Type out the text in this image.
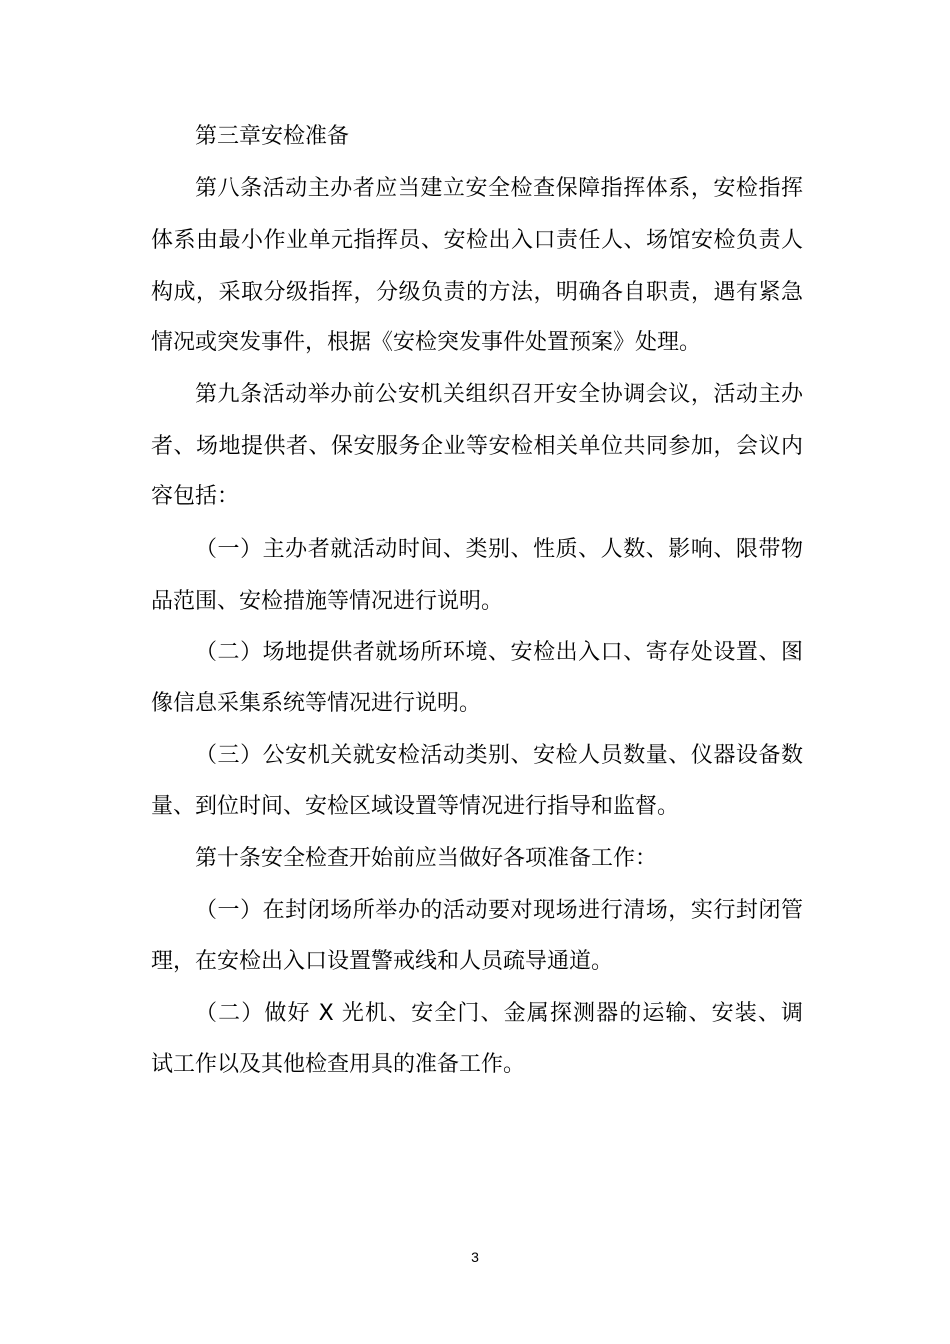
第三章安检准备
第八条活动主办者应当建立安全检查保障指挥体系，安检指挥
体系由最小作业单元指挥员、安检出入口责任人、场馆安检负责人
构成，采取分级指挥，分级负责的方法，明确各自职责，遇有紧急
情况或突发事件，根据《安检突发事件处置预案》处理。
第九条活动举办前公安机关组织召开安全协调会议，活动主办
者、场地提供者、保安服务企业等安检相关单位共同参加，会议内
容包括：
（一）主办者就活动时间、类别、性质、人数、影响、限带物
品范围、安检措施等情况进行说明。
（二）场地提供者就场所环境、安检出入口、寄存处设置、图
像信息采集系统等情况进行说明。
（三）公安机关就安检活动类别、安检人员数量、仪器设备数
量、到位时间、安检区域设置等情况进行指导和监督。
第十条安全检查开始前应当做好各项准备工作：
（一）在封闭场所举办的活动要对现场进行清场，实行封闭管
理，在安检出入口设置警戒线和人员疏导通道。
（二）做好 X 光机、安全门、金属探测器的运输、安装、调
试工作以及其他检查用具的准备工作。
3
